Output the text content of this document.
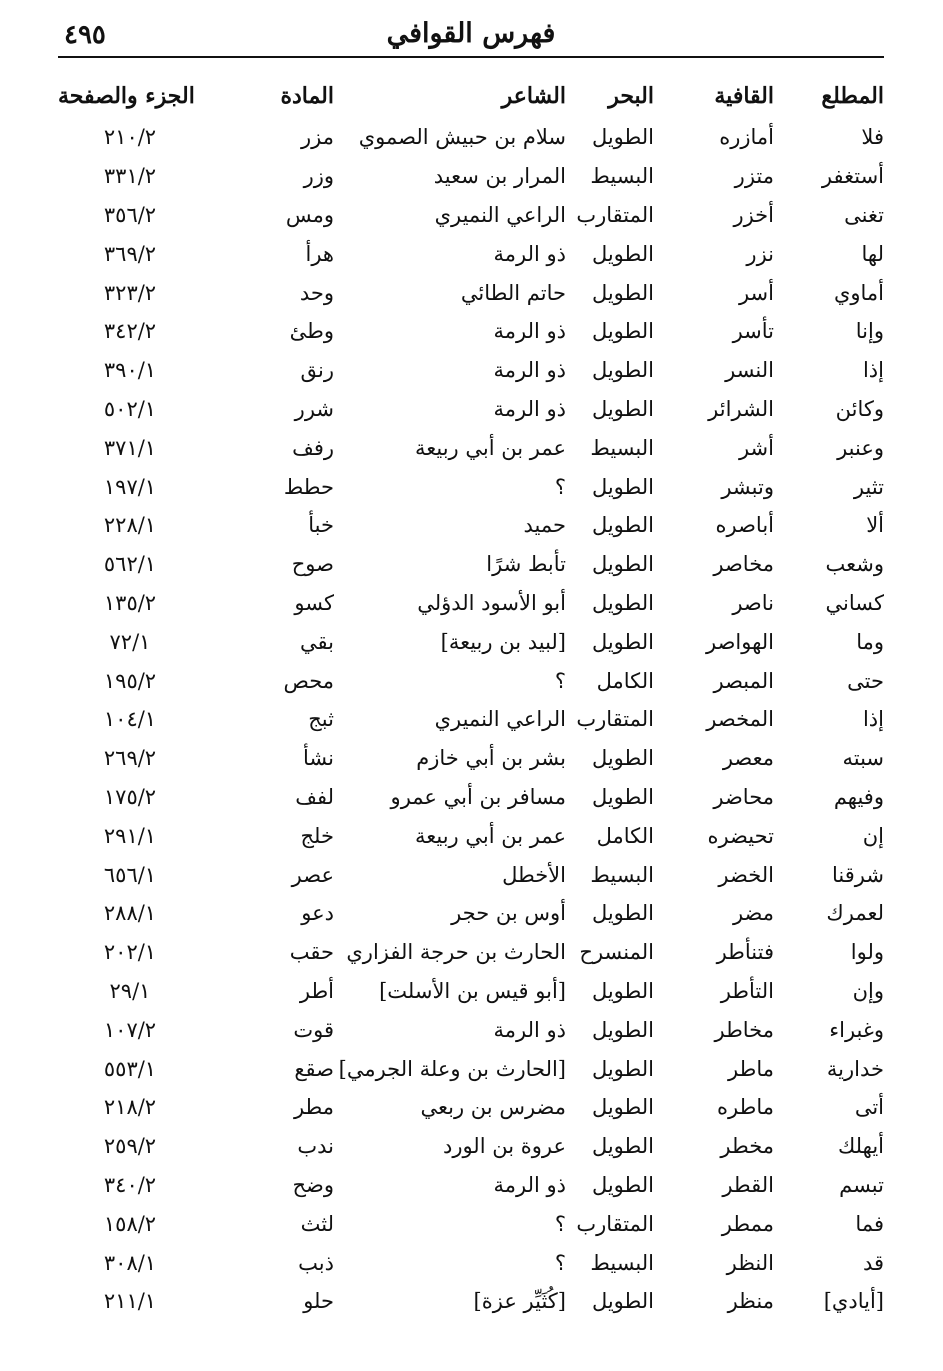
٤٩٥	فهرس القوافي
المطلع	القافية	البحر	الشاعر	المادة	الجزء والصفحة
فلا	أمازره	الطويل	سلام بن حبيش الصموي	مزر	٢١٠/٢
أستغفر	متزر	البسيط	المرار بن سعيد	وزر	٣٣١/٢
تغنى	أخزر	المتقارب	الراعي النميري	ومس	٣٥٦/٢
لها	نزر	الطويل	ذو الرمة	هرأ	٣٦٩/٢
أماوي	أسر	الطويل	حاتم الطائي	وحد	٣٢٣/٢
وإنا	تأسر	الطويل	ذو الرمة	وطئ	٣٤٢/٢
إذا	النسر	الطويل	ذو الرمة	رنق	٣٩٠/١
وكائن	الشرائر	الطويل	ذو الرمة	شرر	٥٠٢/١
وعنبر	أشر	البسيط	عمر بن أبي ربيعة	رفف	٣٧١/١
تثير	وتبشر	الطويل	؟	حطط	١٩٧/١
ألا	أباصره	الطويل	حميد	خبأ	٢٢٨/١
وشعب	مخاصر	الطويل	تأبط شرًا	صوح	٥٦٢/١
كساني	ناصر	الطويل	أبو الأسود الدؤلي	كسو	١٣٥/٢
وما	الهواصر	الطويل	[لبيد بن ربيعة]	بقي	٧٢/١
حتى	المبصر	الكامل	؟	محص	١٩٥/٢
إذا	المخصر	المتقارب	الراعي النميري	ثبج	١٠٤/١
سبته	معصر	الطويل	بشر بن أبي خازم	نشأ	٢٦٩/٢
وفيهم	محاضر	الطويل	مسافر بن أبي عمرو	لفف	١٧٥/٢
إن	تحيضره	الكامل	عمر بن أبي ربيعة	خلج	٢٩١/١
شرقنا	الخضر	البسيط	الأخطل	عصر	٦٥٦/١
لعمرك	مضر	الطويل	أوس بن حجر	دعو	٢٨٨/١
ولوا	فتنأطر	المنسرح	الحارث بن حرجة الفزاري	حقب	٢٠٢/١
وإن	التأطر	الطويل	[أبو قيس بن الأسلت]	أطر	٢٩/١
وغبراء	مخاطر	الطويل	ذو الرمة	قوت	١٠٧/٢
خدارية	ماطر	الطويل	[الحارث بن وعلة الجرمي]	صقع	٥٥٣/١
أتى	ماطره	الطويل	مضرس بن ربعي	مطر	٢١٨/٢
أيهلك	مخطر	الطويل	عروة بن الورد	ندب	٢٥٩/٢
تبسم	القطر	الطويل	ذو الرمة	وضح	٣٤٠/٢
فما	ممطر	المتقارب	؟	لثث	١٥٨/٢
قد	النظر	البسيط	؟	ذبب	٣٠٨/١
[أيادي]	منظر	الطويل	[كُثَيِّر عزة]	حلو	٢١١/١
